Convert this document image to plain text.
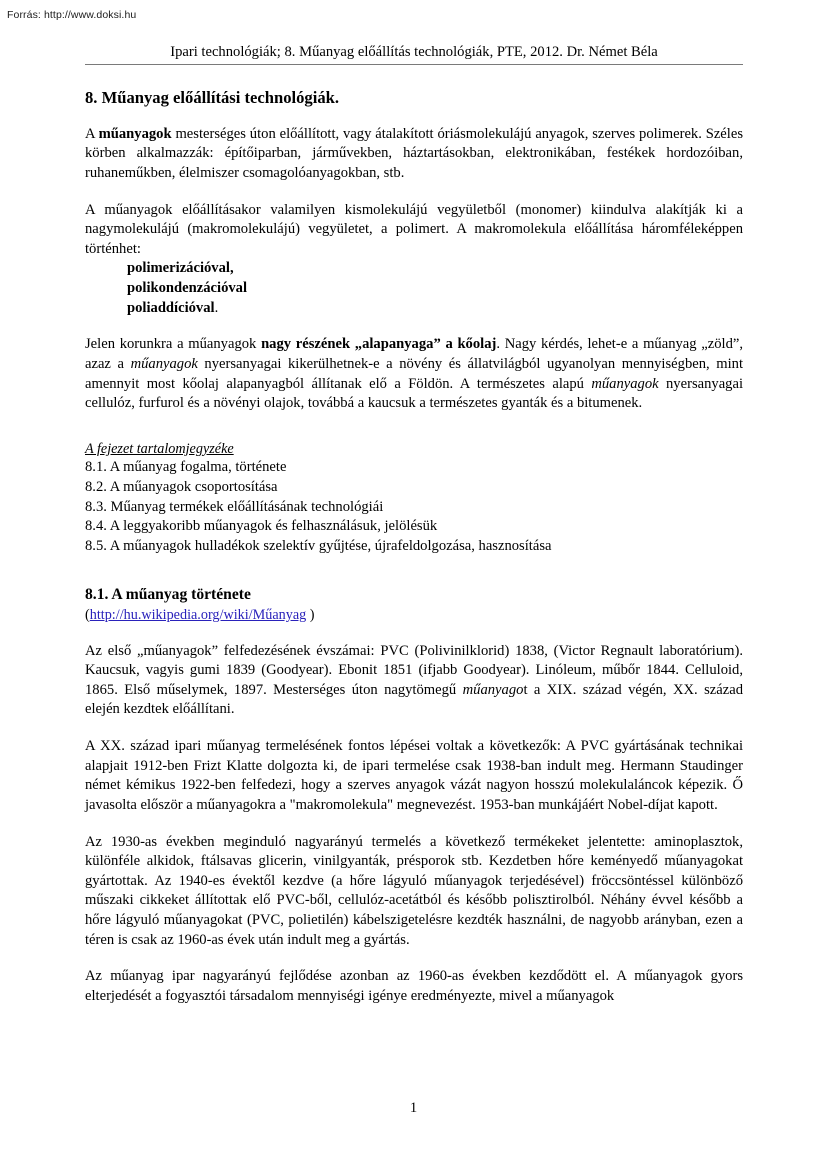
Forrás: http://www.doksi.hu
Ipari technológiák; 8. Műanyag előállítás technológiák, PTE, 2012. Dr. Német Béla
8. Műanyag előállítási technológiák.

A műanyagok mesterséges úton előállított, vagy átalakított óriásmolekulájú anyagok, szerves polimerek. Széles körben alkalmazzák: építőiparban, járművekben, háztartásokban, elektronikában, festékek hordozóiban, ruhaneműkben, élelmiszer csomagolóanyagokban, stb.

A műanyagok előállításakor valamilyen kismolekulájú vegyületből (monomer) kiindulva alakítják ki a nagymolekulájú (makromolekulájú) vegyületet, a polimert. A makromolekula előállítása háromféleképpen történhet:

polimerizációval,
polikondenzációval
poliaddícióval.

Jelen korunkra a műanyagok nagy részének „alapanyaga” a kőolaj. Nagy kérdés, lehet-e a műanyag „zöld”, azaz a műanyagok nyersanyagai kikerülhetnek-e a növény és állatvilágból ugyanolyan mennyiségben, mint amennyit most kőolaj alapanyagból állítanak elő a Földön. A természetes alapú műanyagok nyersanyagai cellulóz, furfurol és a növényi olajok, továbbá a kaucsuk a természetes gyanták és a bitumenek.

A fejezet tartalomjegyzéke
8.1. A műanyag fogalma, története
8.2. A műanyagok csoportosítása
8.3. Műanyag termékek előállításának technológiái
8.4. A leggyakoribb műanyagok és felhasználásuk, jelölésük
8.5. A műanyagok hulladékok szelektív gyűjtése, újrafeldolgozása, hasznosítása
8.1. A műanyag története
(http://hu.wikipedia.org/wiki/Műanyag )

Az első „műanyagok” felfedezésének évszámai: PVC (Polivinilklorid) 1838, (Victor Regnault laboratórium). Kaucsuk, vagyis gumi 1839 (Goodyear). Ebonit 1851 (ifjabb Goodyear). Linóleum, műbőr 1844. Celluloid, 1865. Első műselymek, 1897. Mesterséges úton nagytömegű műanyagot a XIX. század végén, XX. század elején kezdtek előállítani.

A XX. század ipari műanyag termelésének fontos lépései voltak a következők: A PVC gyártásának technikai alapjait 1912-ben Frizt Klatte dolgozta ki, de ipari termelése csak 1938-ban indult meg. Hermann Staudinger német kémikus 1922-ben felfedezi, hogy a szerves anyagok vázát nagyon hosszú molekulaláncok képezik. Ő javasolta először a műanyagokra a "makromolekula" megnevezést. 1953-ban munkájáért Nobel-díjat kapott.

Az 1930-as években meginduló nagyarányú termelés a következő termékeket jelentette: aminoplasztok, különféle alkidok, ftálsavas glicerin, vinilgyanták, présporok stb. Kezdetben hőre keményedő műanyagokat gyártottak. Az 1940-es évektől kezdve (a hőre lágyuló műanyagok terjedésével) fröccsöntéssel különböző műszaki cikkeket állítottak elő PVC-ből, cellulóz-acetátból és később polisztirolból. Néhány évvel később a hőre lágyuló műanyagokat (PVC, polietilén) kábelszigetelésre kezdték használni, de nagyobb arányban, ezen a téren is csak az 1960-as évek után indult meg a gyártás.

Az műanyag ipar nagyarányú fejlődése azonban az 1960-as években kezdődött el. A műanyagok gyors elterjedését a fogyasztói társadalom mennyiségi igénye eredményezte, mivel a műanyagok

1
